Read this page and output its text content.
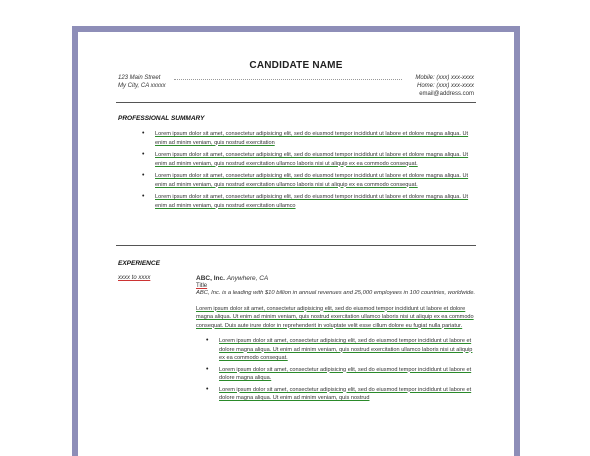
CANDIDATE NAME
123 Main Street
My City, CA xxxxx
Mobile: (xxx) xxx-xxxx
Home: (xxx) xxx-xxxx
email@address.com
PROFESSIONAL SUMMARY
• Lorem ipsum dolor sit amet, consectetur adipisicing elit, sed do eiusmod tempor incididunt ut labore et dolore magna aliqua. Ut enim ad minim veniam, quis nostrud exercitation
• Lorem ipsum dolor sit amet, consectetur adipisicing elit, sed do eiusmod tempor incididunt ut labore et dolore magna aliqua. Ut enim ad minim veniam, quis nostrud exercitation ullamco laboris nisi ut aliquip ex ea commodo consequat.
• Lorem ipsum dolor sit amet, consectetur adipisicing elit, sed do eiusmod tempor incididunt ut labore et dolore magna aliqua. Ut enim ad minim veniam, quis nostrud exercitation ullamco laboris nisi ut aliquip ex ea commodo consequat.
• Lorem ipsum dolor sit amet, consectetur adipisicing elit, sed do eiusmod tempor incididunt ut labore et dolore magna aliqua. Ut enim ad minim veniam, quis nostrud exercitation ullamco
EXPERIENCE
xxxx to xxxx	ABC, Inc. Anywhere, CA
Title
ABC, Inc. is a leading with $10 billion in annual revenues and 25,000 employees in 100 countries, worldwide.
Lorem ipsum dolor sit amet, consectetur adipisicing elit, sed do eiusmod tempor incididunt ut labore et dolore magna aliqua. Ut enim ad minim veniam, quis nostrud exercitation ullamco laboris nisi ut aliquip ex ea commodo consequat. Duis aute irure dolor in reprehenderit in voluptate velit esse cillum dolore eu fugiat nulla pariatur.
• Lorem ipsum dolor sit amet, consectetur adipisicing elit, sed do eiusmod tempor incididunt ut labore et dolore magna aliqua. Ut enim ad minim veniam, quis nostrud exercitation ullamco laboris nisi ut aliquip ex ea commodo consequat.
• Lorem ipsum dolor sit amet, consectetur adipisicing elit, sed do eiusmod tempor incididunt ut labore et dolore magna aliqua.
• Lorem ipsum dolor sit amet, consectetur adipisicing elit, sed do eiusmod tempor incididunt ut labore et dolore magna aliqua. Ut enim ad minim veniam, quis nostrud
